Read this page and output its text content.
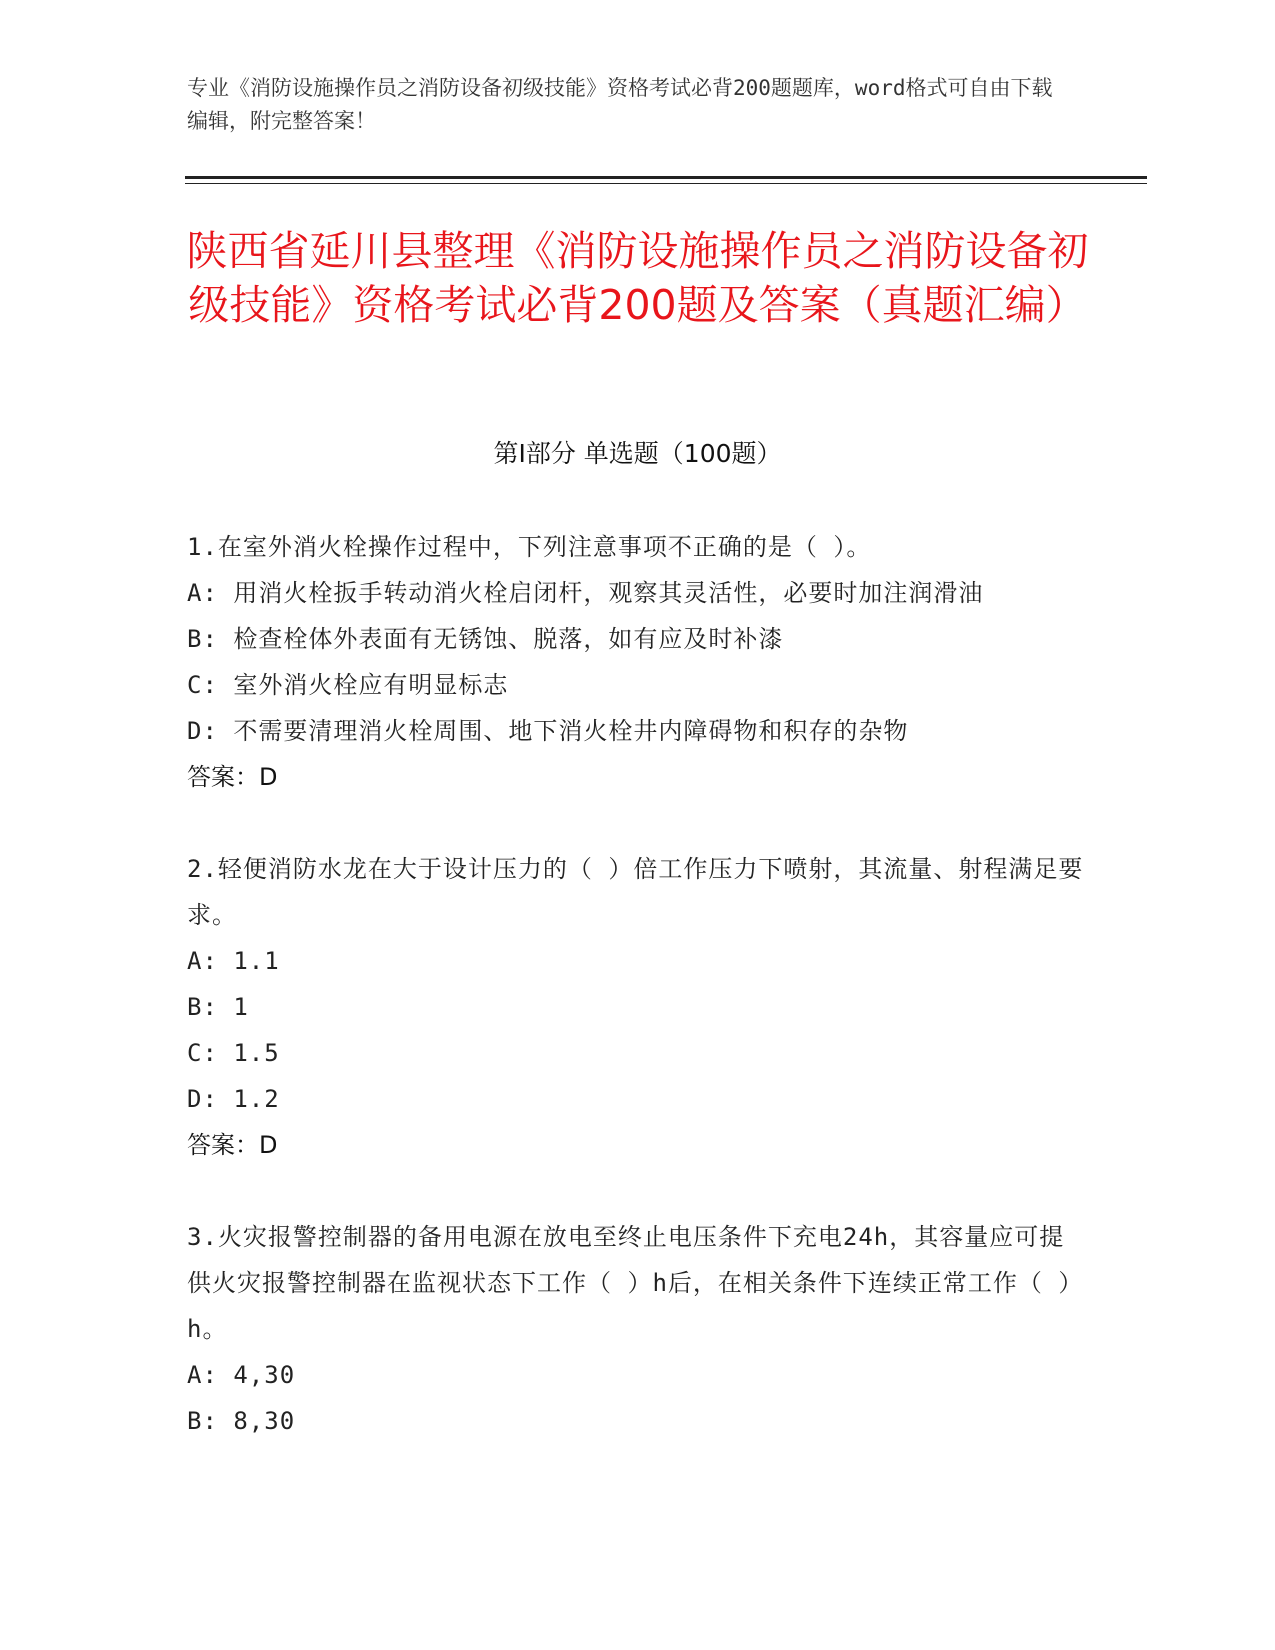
专业《消防设施操作员之消防设备初级技能》资格考试必背200题题库，word格式可自由下载编辑，附完整答案！
陕西省延川县整理《消防设施操作员之消防设备初级技能》资格考试必背200题及答案（真题汇编）
第Ⅰ部分 单选题（100题）
1.在室外消火栓操作过程中，下列注意事项不正确的是（ ）。
A: 用消火栓扳手转动消火栓启闭杆，观察其灵活性，必要时加注润滑油
B: 检查栓体外表面有无锈蚀、脱落，如有应及时补漆
C: 室外消火栓应有明显标志
D: 不需要清理消火栓周围、地下消火栓井内障碍物和积存的杂物
答案：D
2.轻便消防水龙在大于设计压力的（ ）倍工作压力下喷射，其流量、射程满足要求。
A: 1.1
B: 1
C: 1.5
D: 1.2
答案：D
3.火灾报警控制器的备用电源在放电至终止电压条件下充电24h，其容量应可提供火灾报警控制器在监视状态下工作（ ）h后，在相关条件下连续正常工作（ ）h。
A: 4,30
B: 8,30
